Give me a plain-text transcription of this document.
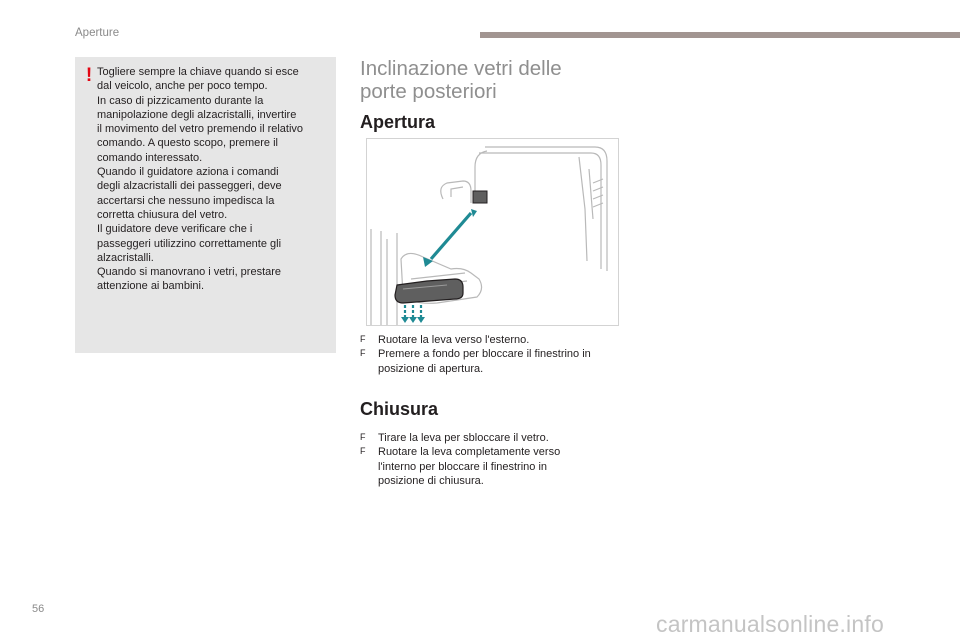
Aperture
! Togliere sempre la chiave quando si esce
dal veicolo, anche per poco tempo.
In caso di pizzicamento durante la
manipolazione degli alzacristalli, invertire
il movimento del vetro premendo il relativo
comando. A questo scopo, premere il
comando interessato.
Quando il guidatore aziona i comandi
degli alzacristalli dei passeggeri, deve
accertarsi che nessuno impedisca la
corretta chiusura del vetro.
Il guidatore deve verificare che i
passeggeri utilizzino correttamente gli
alzacristalli.
Quando si manovrano i vetri, prestare
attenzione ai bambini.
Inclinazione vetri delle
porte posteriori
Apertura
F Ruotare la leva verso l'esterno.
F Premere a fondo per bloccare il finestrino in
posizione di apertura.
Chiusura
F Tirare la leva per sbloccare il vetro.
F Ruotare la leva completamente verso
l'interno per bloccare il finestrino in
posizione di chiusura.
56
carmanualsonline.info
